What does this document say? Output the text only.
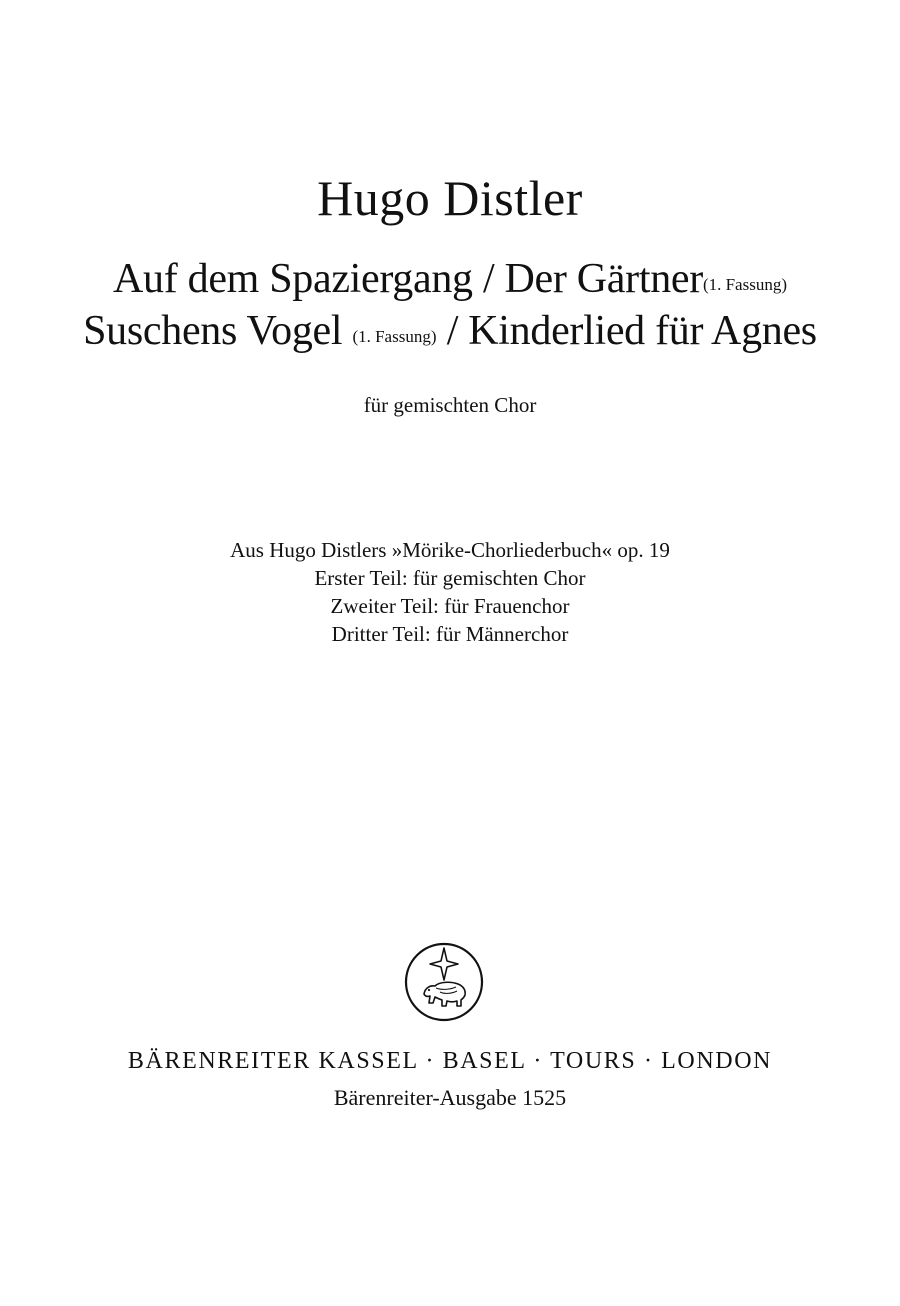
Hugo Distler
Auf dem Spaziergang / Der Gärtner(1. Fassung)
Suschens Vogel (1. Fassung) / Kinderlied für Agnes
für gemischten Chor
Aus Hugo Distlers »Mörike-Chorliederbuch« op. 19
Erster Teil: für gemischten Chor
Zweiter Teil: für Frauenchor
Dritter Teil: für Männerchor
BÄRENREITER KASSEL · BASEL · TOURS · LONDON
Bärenreiter-Ausgabe 1525
